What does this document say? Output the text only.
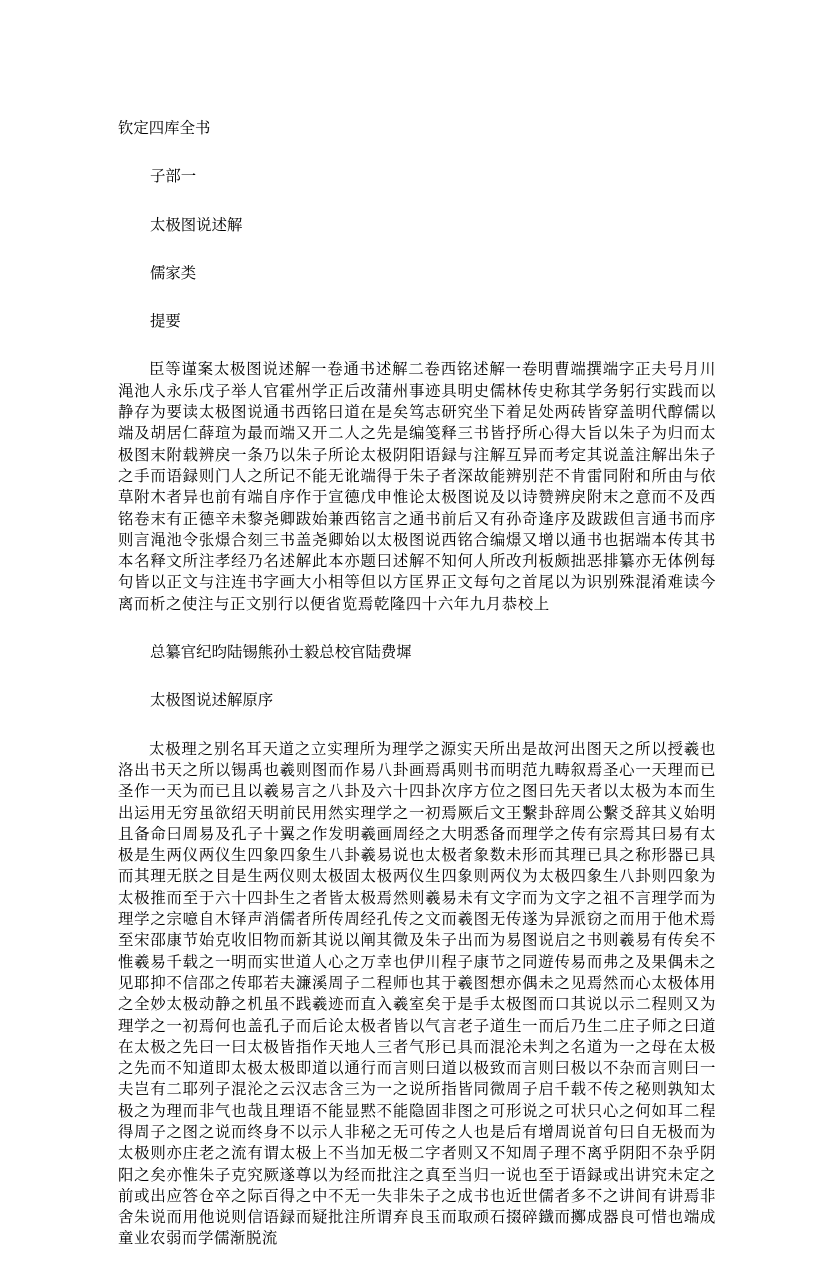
钦定四库全书

子部一

太极图说述解

儒家类

提要

臣等谨案太极图说述解一卷通书述解二卷西铭述解一卷明曹端撰端字正夫号月川渑池人永乐戊子举人官霍州学正后改蒲州事迹具明史儒林传史称其学务躬行实践而以静存为要读太极图说通书西铭曰道在是矣笃志研究坐下着足处两砖皆穿盖明代醇儒以端及胡居仁薛瑄为最而端又开二人之先是编笺释三书皆抒所心得大旨以朱子为归而太极图末附载辨戾一条乃以朱子所论太极阴阳语録与注解互异而考定其说盖注解出朱子之手而语録则门人之所记不能无讹端得于朱子者深故能辨别茫不肯雷同附和所由与依草附木者异也前有端自序作于宣德戊申惟论太极图说及以诗赞辨戾附末之意而不及西铭卷末有正德辛未黎尧卿跋始兼西铭言之通书前后又有孙奇逢序及跋跋但言通书而序则言渑池令张燝合刻三书盖尧卿始以太极图说西铭合编燝又增以通书也据端本传其书本名释文所注孝经乃名述解此本亦题曰述解不知何人所改刋板颇拙恶排纂亦无体例每句皆以正文与注连书字画大小相等但以方匡界正文每句之首尾以为识别殊混淆难读今离而析之使注与正文别行以便省览焉乾隆四十六年九月恭校上

总纂官纪昀陆锡熊孙士毅总校官陆费墀

太极图说述解原序

太极理之别名耳天道之立实理所为理学之源实天所出是故河出图天之所以授羲也洛出书天之所以锡禹也羲则图而作易八卦画焉禹则书而明范九畴叙焉圣心一天理而已圣作一天为而已且以羲易言之八卦及六十四卦次序方位之图曰先天者以太极为本而生出运用无穷虽欲绍天明前民用然实理学之一初焉厥后文王繫卦辞周公繫爻辞其义始明且备命曰周易及孔子十翼之作发明羲画周经之大明悉备而理学之传有宗焉其曰易有太极是生两仪两仪生四象四象生八卦羲易说也太极者象数未形而其理已具之称形器已具而其理无朕之目是生两仪则太极固太极两仪生四象则两仪为太极四象生八卦则四象为太极推而至于六十四卦生之者皆太极焉然则羲易未有文字而为文字之祖不言理学而为理学之宗噫自木铎声消儒者所传周经孔传之文而羲图无传遂为异派窃之而用于他术焉至宋邵康节始克收旧物而新其说以阐其微及朱子出而为易图说启之书则羲易有传矣不惟羲易千载之一明而实世道人心之万幸也伊川程子康节之同遊传易而弗之及果偶未之见耶抑不信邵之传耶若夫濂溪周子二程师也其于羲图想亦偶未之见焉然而心太极体用之全妙太极动静之机虽不践羲迹而直入羲室矣于是手太极图而口其说以示二程则又为理学之一初焉何也盖孔子而后论太极者皆以气言老子道生一而后乃生二庄子师之曰道在太极之先曰一曰太极皆指作天地人三者气形已具而混沦未判之名道为一之母在太极之先而不知道即太极太极即道以通行而言则曰道以极致而言则曰极以不杂而言则曰一夫岂有二耶列子混沦之云汉志含三为一之说所指皆同微周子启千载不传之秘则孰知太极之为理而非气也哉且理语不能显黙不能隐固非图之可形说之可状只心之何如耳二程得周子之图之说而终身不以示人非秘之无可传之人也是后有增周说首句曰自无极而为太极则亦庄老之流有谓太极上不当加无极二字者则又不知周子理不离乎阴阳不杂乎阴阳之矣亦惟朱子克究厥遂尊以为经而批注之真至当归一说也至于语録或出讲究未定之前或出应答仓卒之际百得之中不无一失非朱子之成书也近世儒者多不之讲间有讲焉非舍朱说而用他说则信语録而疑批注所谓弃良玉而取顽石掇碎鐡而擲成器良可惜也端成童业农弱而学儒渐脱流
